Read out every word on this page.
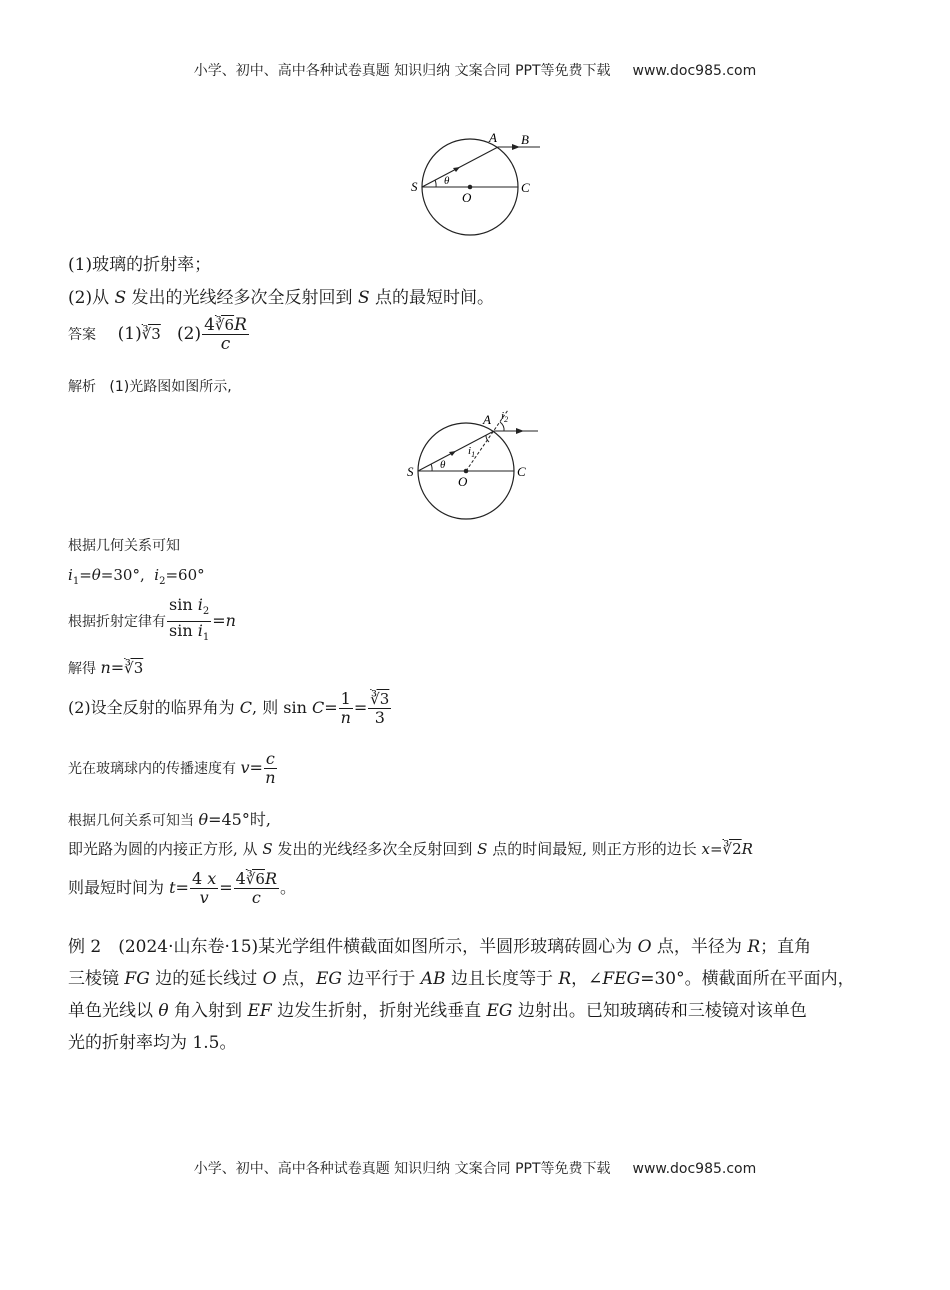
小学、初中、高中各种试卷真题 知识归纳 文案合同 PPT等免费下载 www.doc985.com
A B
S	C
O
θ
(1)玻璃的折射率；
(2)从 S 发出的光线经多次全反射回到 S 点的最短时间。
答案 (1)∛3 $(2) \frac{4∛6R}{c}$
解析 (1)光路图如图所示,
A
S	C
O
θ
$i_1$
$i_2$
根据几何关系可知
$i_1=\theta=30^\circ$, $i_2=60^\circ$
根据折射定律有 $\frac{\sin i_2}{\sin i_1} =n$
解得 n=∛3
(2)设全反射的临界角为 C, 则 $\sin C= \frac{1}{n} = \frac{∛3}{3}$
光在玻璃球内的传播速度有 $v= \frac{c}{n}$
根据几何关系可知当 θ=45°时,
即光路为圆的内接正方形, 从 S 发出的光线经多次全反射回到 S 点的时间最短, 则正方形的边长 x=∛2R
则最短时间为 $t= \frac{4 x}{v} = \frac{4∛6R}{c}$ 。
例 2　(2024·山东卷·15)某光学组件横截面如图所示，半圆形玻璃砖圆心为 O 点，半径为 R；直角
三棱镜 FG 边的延长线过 O 点，EG 边平行于 AB 边且长度等于 R，∠FEG=30°。横截面所在平面内，
单色光线以 θ 角入射到 EF 边发生折射，折射光线垂直 EG 边射出。已知玻璃砖和三棱镜对该单色
光的折射率均为 1.5。
小学、初中、高中各种试卷真题 知识归纳 文案合同 PPT等免费下载 www.doc985.com
